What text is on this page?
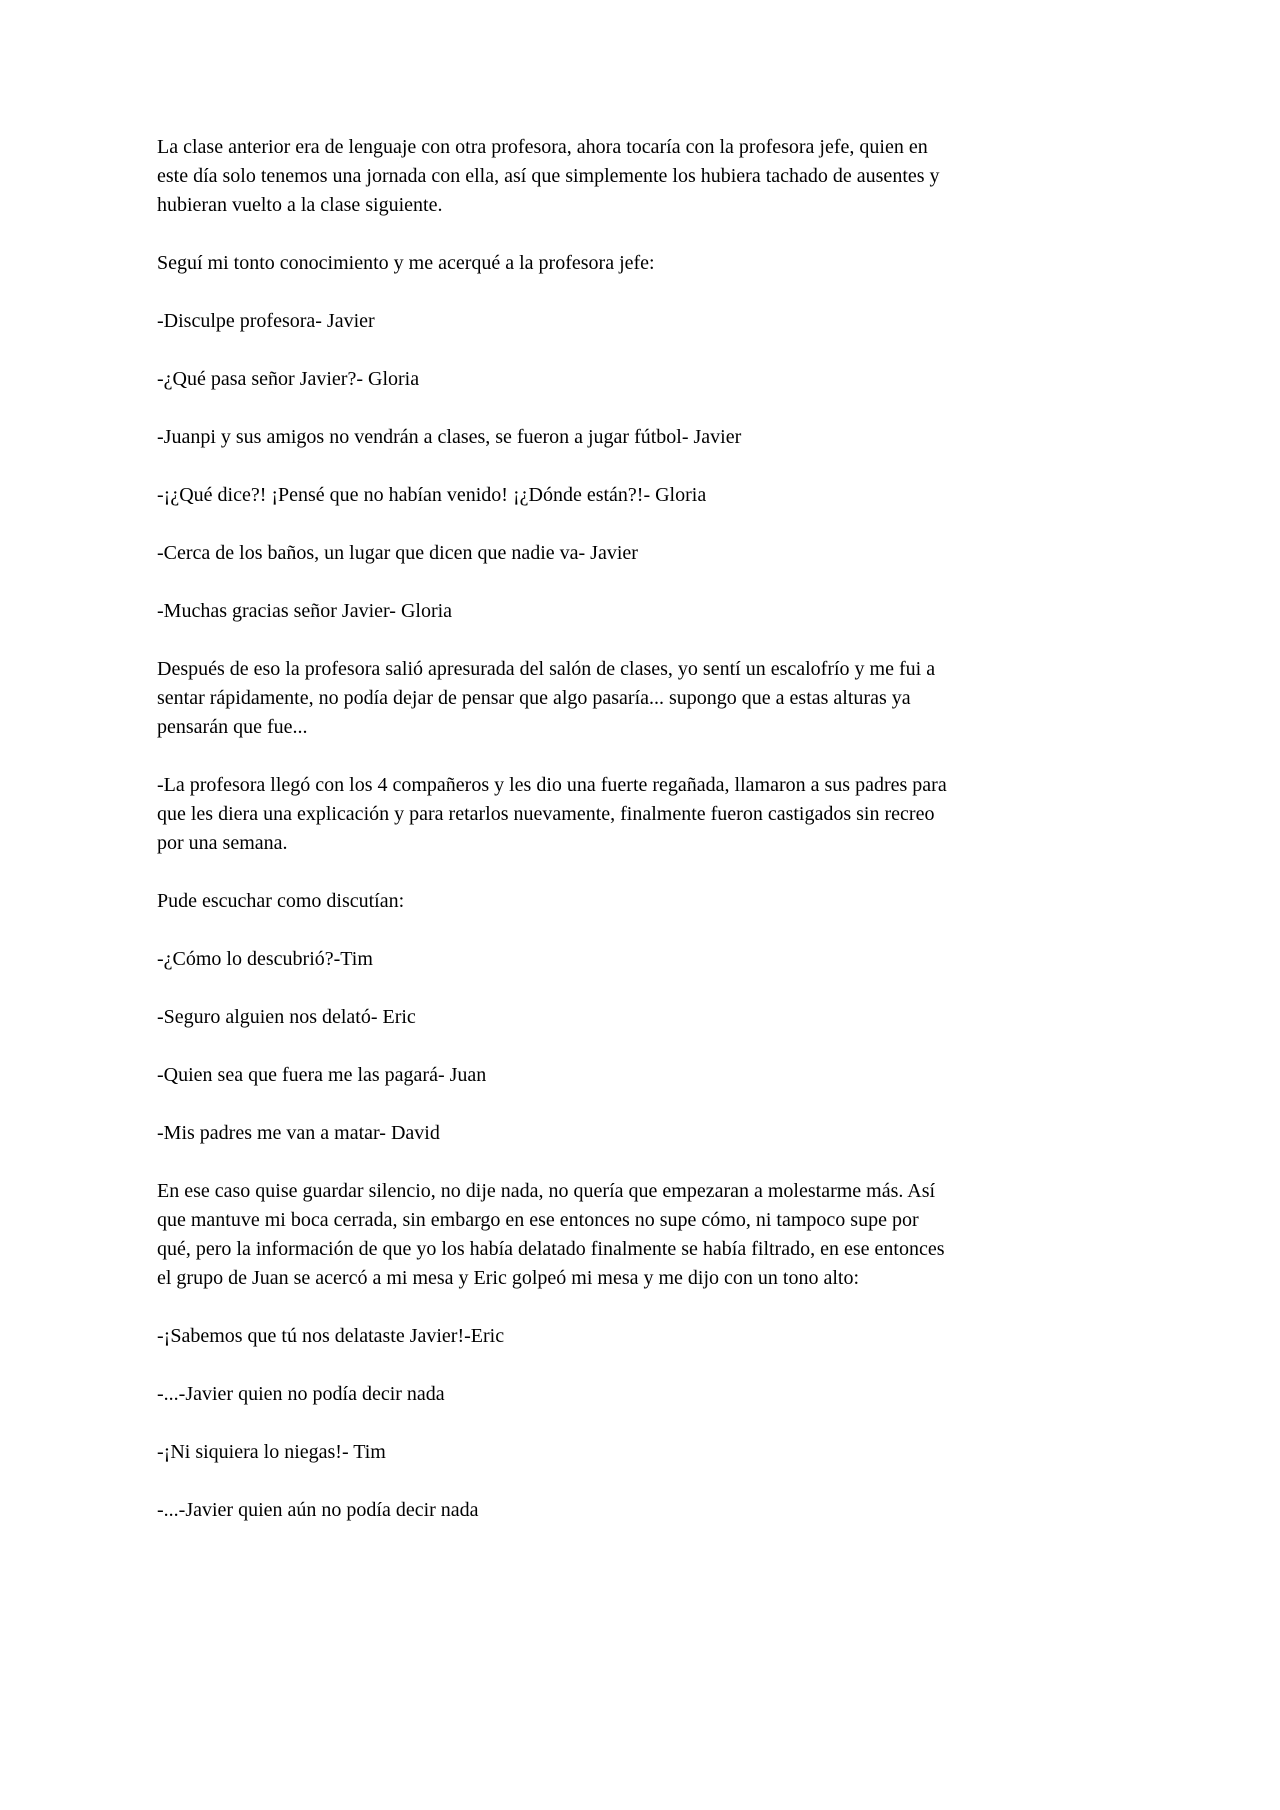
La clase anterior era de lenguaje con otra profesora, ahora tocaría con la profesora jefe, quien en este día solo tenemos una jornada con ella, así que simplemente los hubiera tachado de ausentes y hubieran vuelto a la clase siguiente.

Seguí mi tonto conocimiento y me acerqué a la profesora jefe:

-Disculpe profesora- Javier

-¿Qué pasa señor Javier?- Gloria

-Juanpi y sus amigos no vendrán a clases, se fueron a jugar fútbol- Javier

-¡¿Qué dice?! ¡Pensé que no habían venido! ¡¿Dónde están?!- Gloria

-Cerca de los baños, un lugar que dicen que nadie va- Javier

-Muchas gracias señor Javier- Gloria

Después de eso la profesora salió apresurada del salón de clases, yo sentí un escalofrío y me fui a sentar rápidamente, no podía dejar de pensar que algo pasaría... supongo que a estas alturas ya pensarán que fue...

-La profesora llegó con los 4 compañeros y les dio una fuerte regañada, llamaron a sus padres para que les diera una explicación y para retarlos nuevamente, finalmente fueron castigados sin recreo por una semana.

Pude escuchar como discutían:

-¿Cómo lo descubrió?-Tim

-Seguro alguien nos delató- Eric

-Quien sea que fuera me las pagará- Juan

-Mis padres me van a matar- David

En ese caso quise guardar silencio, no dije nada, no quería que empezaran a molestarme más. Así que mantuve mi boca cerrada, sin embargo en ese entonces no supe cómo, ni tampoco supe por qué, pero la información de que yo los había delatado finalmente se había filtrado, en ese entonces el grupo de Juan se acercó a mi mesa y Eric golpeó mi mesa y me dijo con un tono alto:

-¡Sabemos que tú nos delataste Javier!-Eric

-...-Javier quien no podía decir nada

-¡Ni siquiera lo niegas!- Tim

-...-Javier quien aún no podía decir nada
